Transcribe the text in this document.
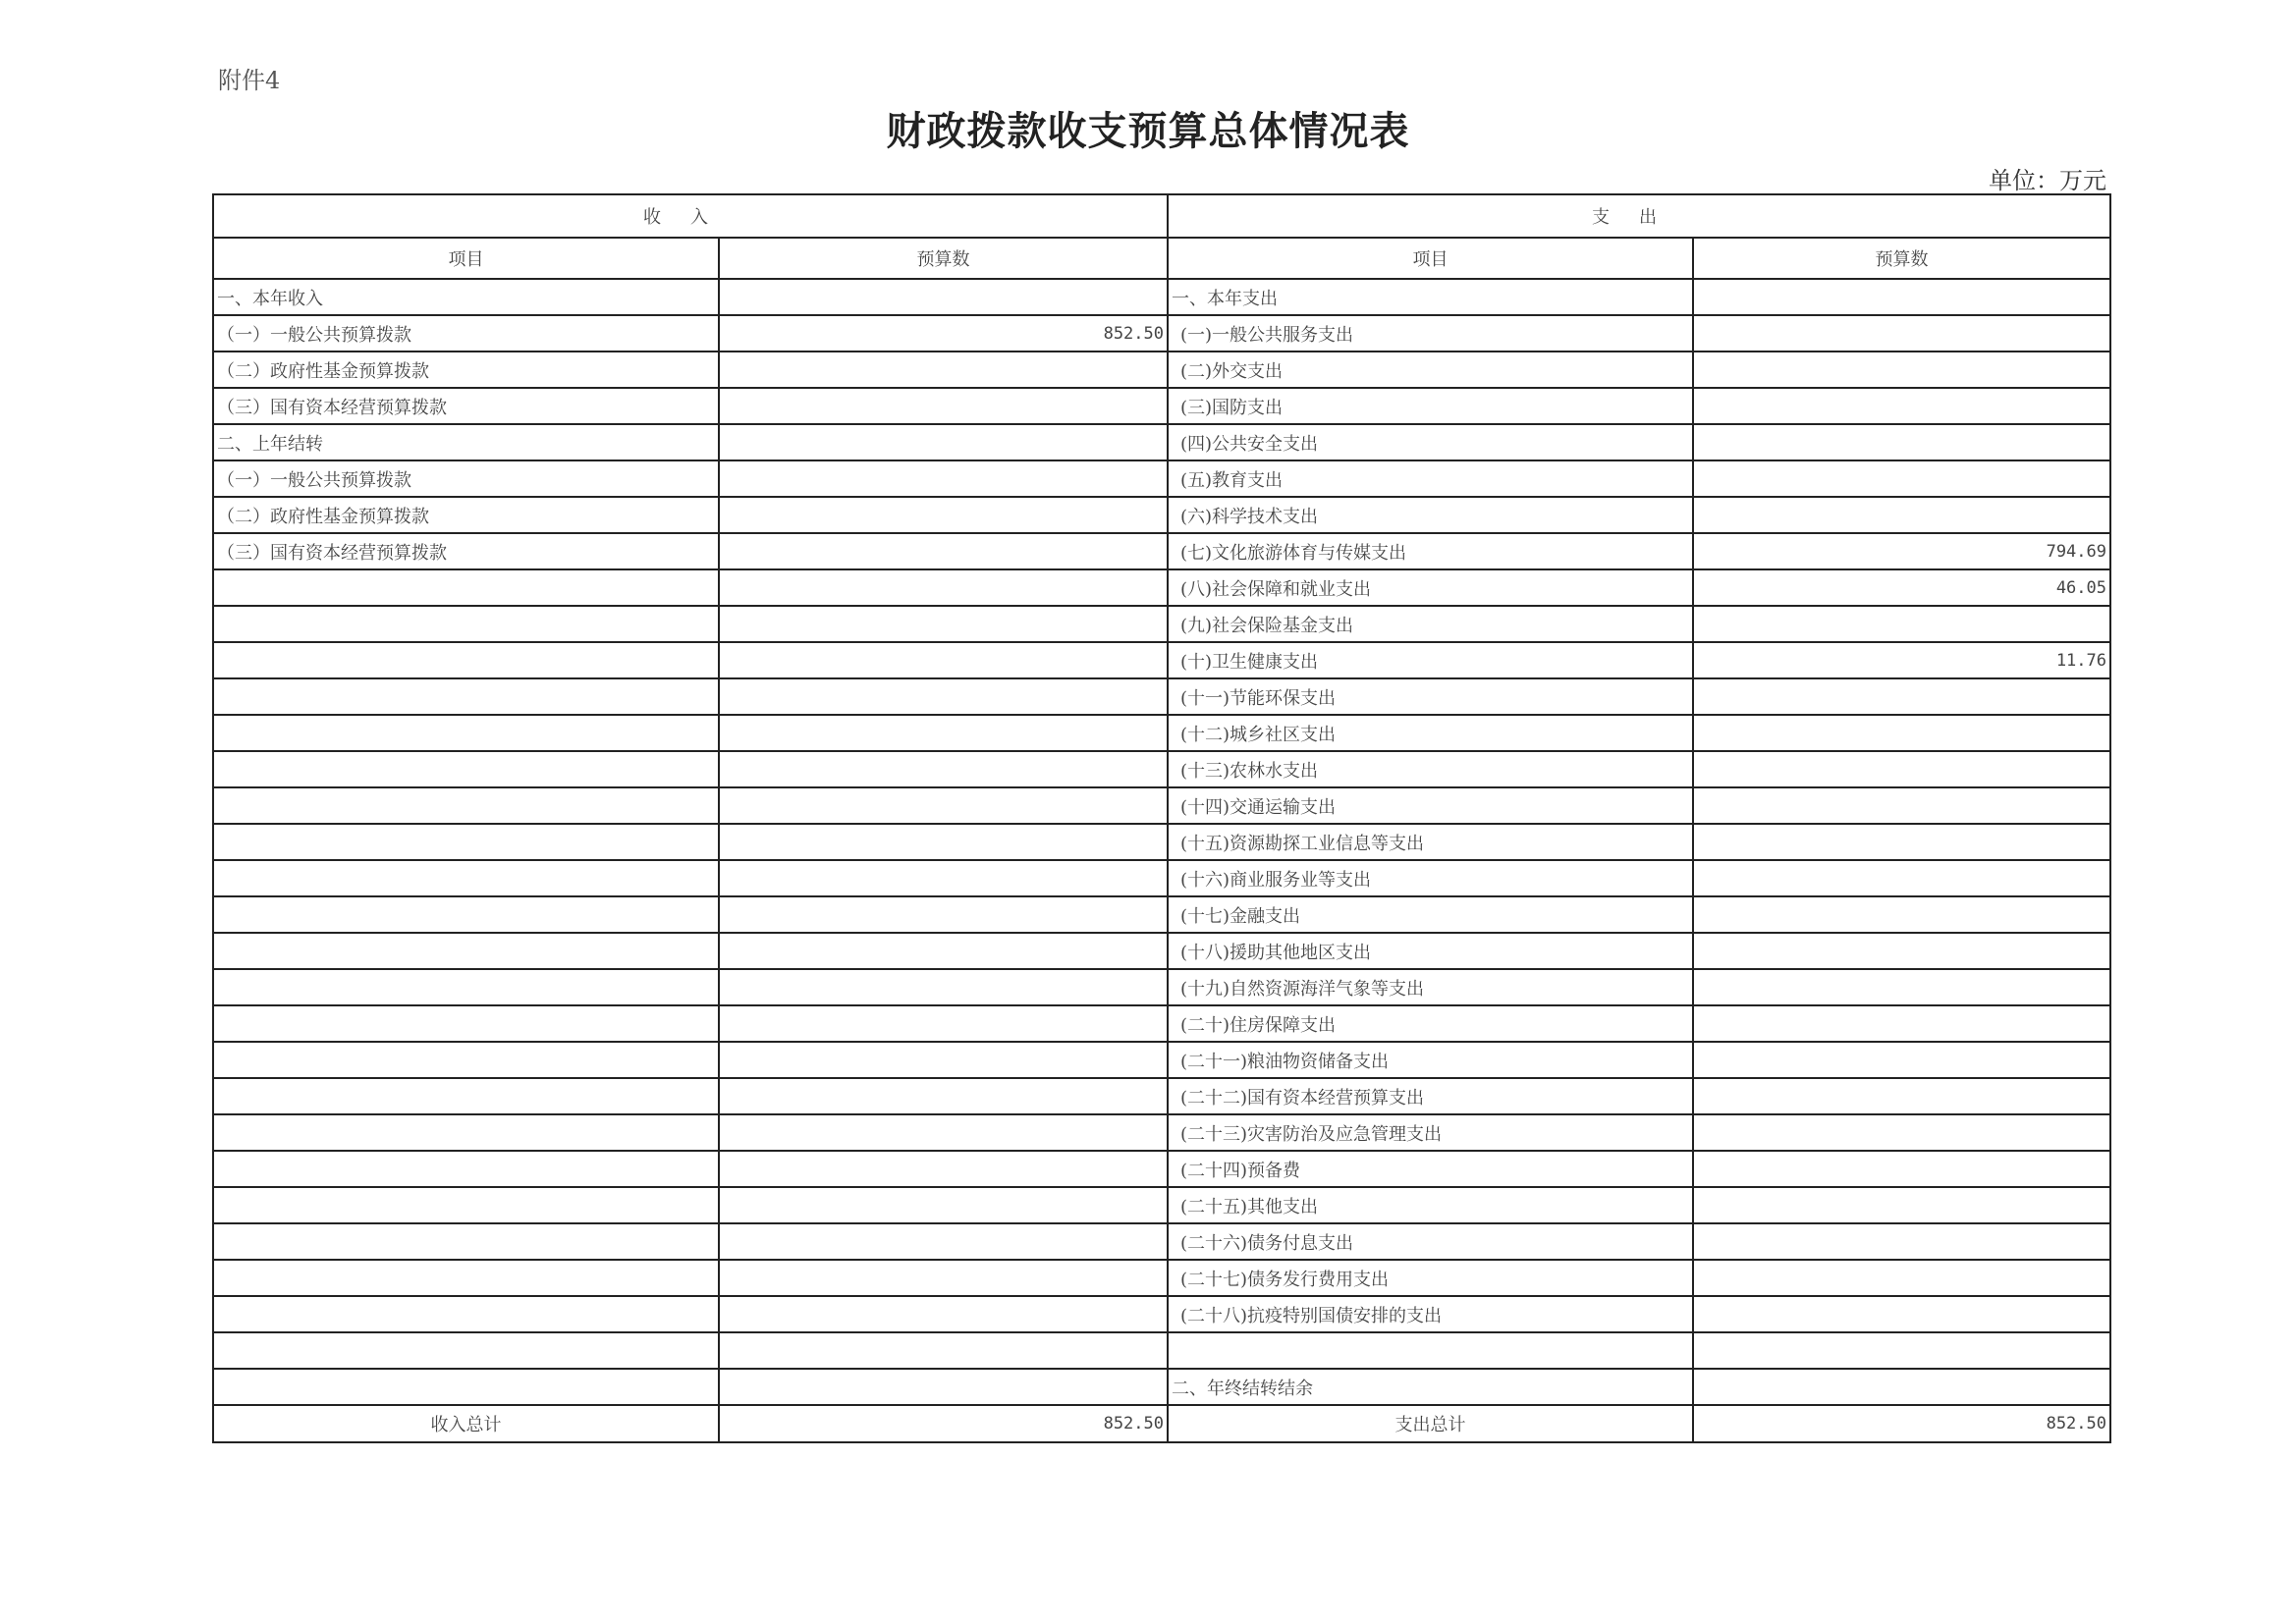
附件4
财政拨款收支预算总体情况表
单位：万元
收入		支出	
项目	预算数	项目	预算数
一、本年收入		一、本年支出	
（一）一般公共预算拨款	852.50	(一)一般公共服务支出	
（二）政府性基金预算拨款		(二)外交支出	
（三）国有资本经营预算拨款		(三)国防支出	
二、上年结转		(四)公共安全支出	
（一）一般公共预算拨款		(五)教育支出	
（二）政府性基金预算拨款		(六)科学技术支出	
（三）国有资本经营预算拨款		(七)文化旅游体育与传媒支出	794.69
		(八)社会保障和就业支出	46.05
		(九)社会保险基金支出	
		(十)卫生健康支出	11.76
		(十一)节能环保支出	
		(十二)城乡社区支出	
		(十三)农林水支出	
		(十四)交通运输支出	
		(十五)资源勘探工业信息等支出	
		(十六)商业服务业等支出	
		(十七)金融支出	
		(十八)援助其他地区支出	
		(十九)自然资源海洋气象等支出	
		(二十)住房保障支出	
		(二十一)粮油物资储备支出	
		(二十二)国有资本经营预算支出	
		(二十三)灾害防治及应急管理支出	
		(二十四)预备费	
		(二十五)其他支出	
		(二十六)债务付息支出	
		(二十七)债务发行费用支出	
		(二十八)抗疫特别国债安排的支出	

		二、年终结转结余	
收入总计	852.50	支出总计	852.50
